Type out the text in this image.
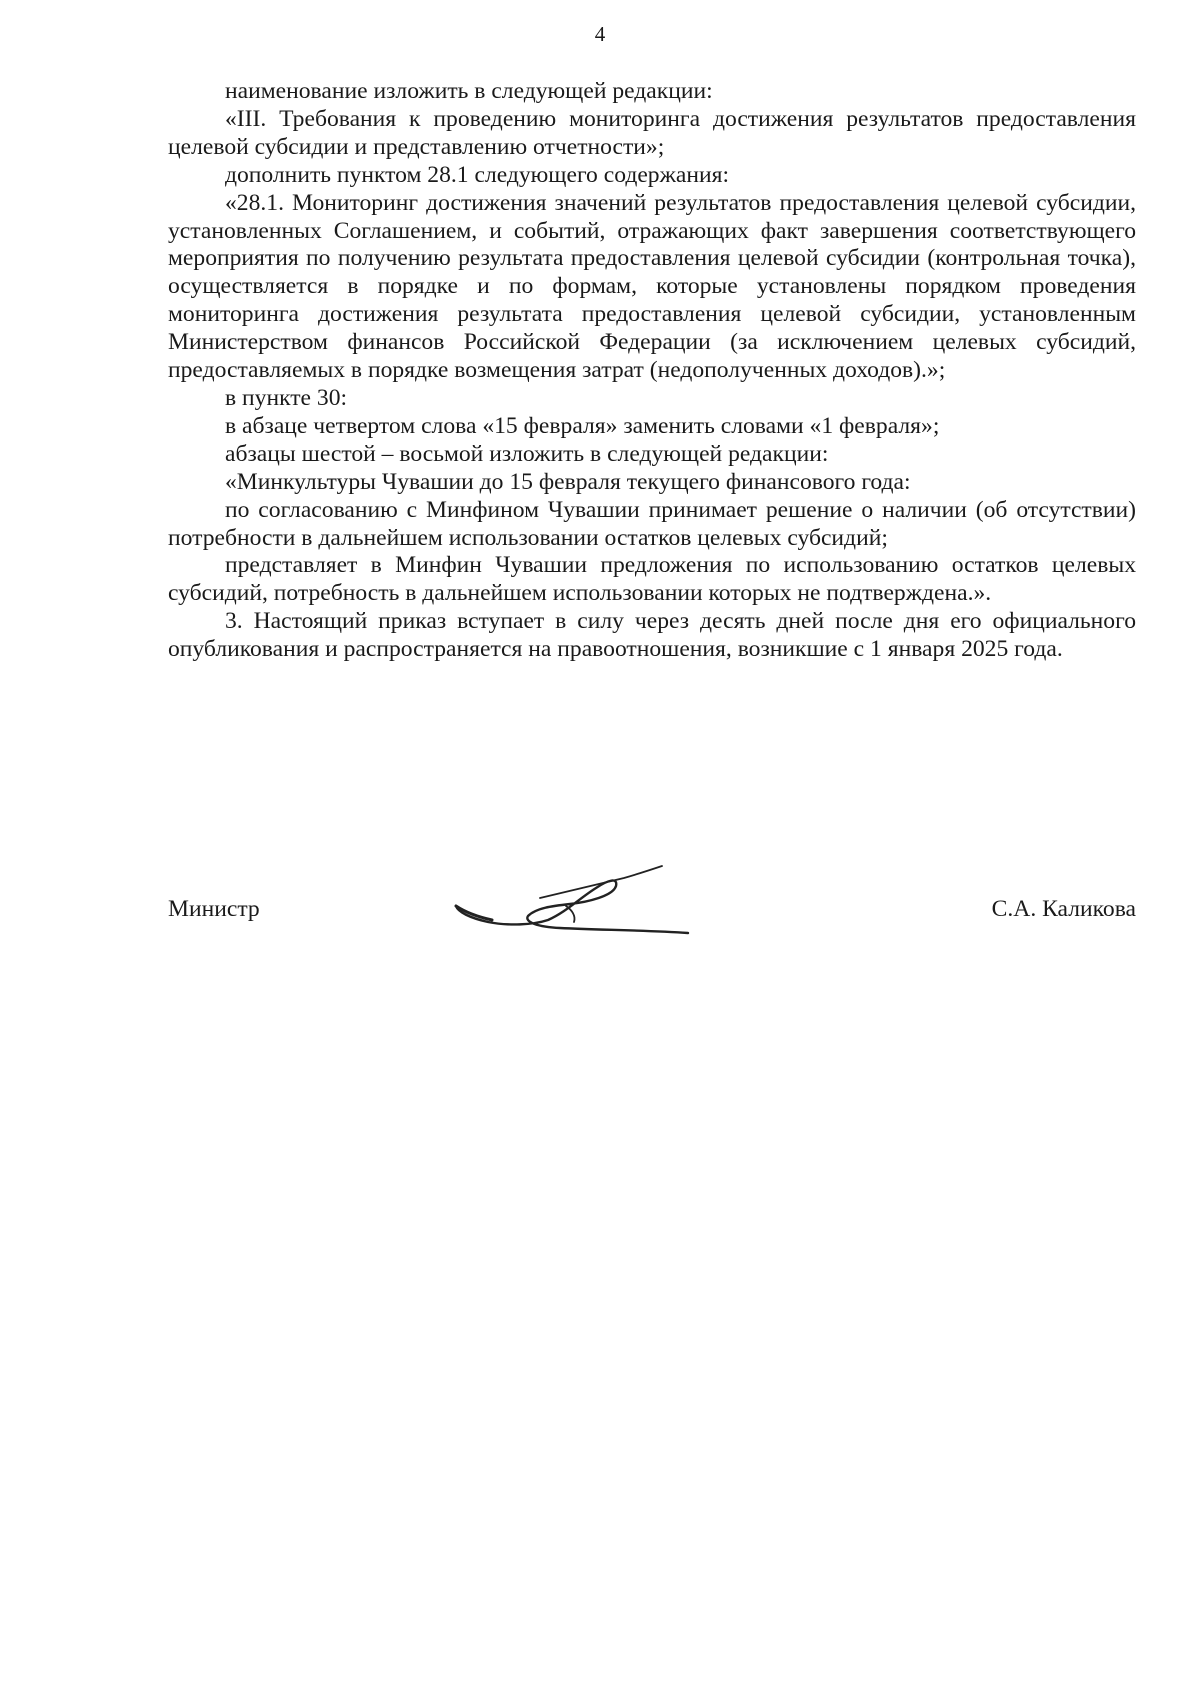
4

наименование изложить в следующей редакции:

«III. Требования к проведению мониторинга достижения результатов предоставления целевой субсидии и представлению отчетности»;

дополнить пунктом 28.1 следующего содержания:

«28.1. Мониторинг достижения значений результатов предоставления целевой субсидии, установленных Соглашением, и событий, отражающих факт завершения соответствующего мероприятия по получению результата предоставления целевой субсидии (контрольная точка), осуществляется в порядке и по формам, которые установлены порядком проведения мониторинга достижения результата предоставления целевой субсидии, установленным Министерством финансов Российской Федерации (за исключением целевых субсидий, предоставляемых в порядке возмещения затрат (недополученных доходов).»;

в пункте 30:

в абзаце четвертом слова «15 февраля» заменить словами «1 февраля»;

абзацы шестой – восьмой изложить в следующей редакции:

«Минкультуры Чувашии до 15 февраля текущего финансового года:

по согласованию с Минфином Чувашии принимает решение о наличии (об отсутствии) потребности в дальнейшем использовании остатков целевых субсидий;

представляет в Минфин Чувашии предложения по использованию остатков целевых субсидий, потребность в дальнейшем использовании которых не подтверждена.».

3. Настоящий приказ вступает в силу через десять дней после дня его официального опубликования и распространяется на правоотношения, возникшие с 1 января 2025 года.

Министр	С.А. Каликова
